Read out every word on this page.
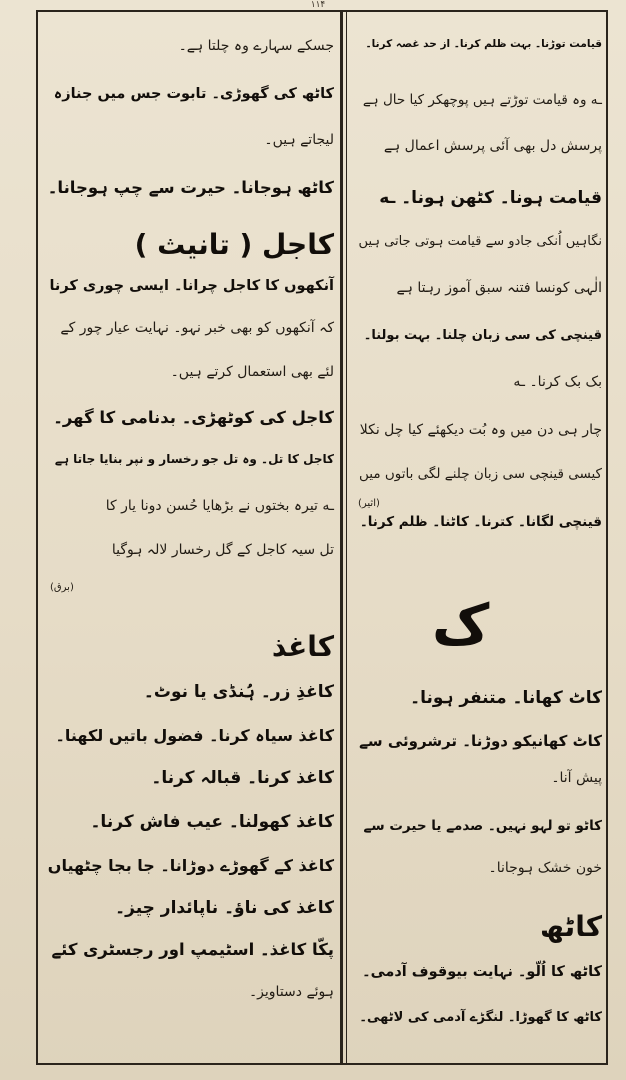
۱۱۴
قیامت توڑنا۔ بہت ظلم کرنا۔ از حد غصہ کرنا۔
ـه وہ قیامت توڑتے ہیں پوچھکر کیا حال ہے
پرسش دل بھی آئی پرسش اعمال ہے
قیامت ہونا۔ کٹھن ہونا۔ ـه
نگاہیں اُنکی جادو سے قیامت ہوتی جاتی ہیں
الٰہی کونسا فتنہ سبق آموز رہتا ہے
قینچی کی سی زبان چلنا۔ بہت بولنا۔
بک بک کرنا۔ ـه
چار ہی دن میں وہ بُت دیکھئے کیا چل نکلا
کیسی قینچی سی زبان چلنے لگی باتوں میں
(اثیر)
قینچی لگانا۔ کترنا۔ کاٹنا۔ ظلم کرنا۔
ک
کاٹ کھانا۔ متنفر ہونا۔
کاٹ کھانیکو دوڑنا۔ ترشروئی سے
پیش آنا۔
کاٹو تو لہو نہیں۔ صدمے یا حیرت سے
خون خشک ہوجانا۔
کاٹھ
کاٹھ کا اُلّو۔ نہایت بیوقوف آدمی۔
کاٹھ کا گھوڑا۔ لنگڑے آدمی کی لاٹھی۔
جسکے سہارے وہ چلتا ہے۔
کاٹھ کی گھوڑی۔ تابوت جس میں جنازہ
لیجاتے ہیں۔
کاٹھ ہوجانا۔ حیرت سے چپ ہوجانا۔
کاجل ( تانیث )
آنکھوں کا کاجل چرانا۔ ایسی چوری کرنا
کہ آنکھوں کو بھی خبر نہو۔ نہایت عیار چور کے
لئے بھی استعمال کرتے ہیں۔
کاجل کی کوٹھڑی۔ بدنامی کا گھر۔
کاجل کا تل۔ وہ تل جو رخسار و نپر بنایا جاتا ہے
ـه تیرہ بختوں نے بڑھایا حُسن دونا یار کا
تل سیہ کاجل کے گل رخسار لالہ ہوگیا
(برق)
کاغذ
کاغذِ زر۔ ہُنڈی یا نوٹ۔
کاغذ سیاہ کرنا۔ فضول باتیں لکھنا۔
کاغذ کرنا۔ قبالہ کرنا۔
کاغذ کھولنا۔ عیب فاش کرنا۔
کاغذ کے گھوڑے دوڑانا۔ جا بجا چٹھیاں
کاغذ کی ناؤ۔ ناپائدار چیز۔
پکّا کاغذ۔ اسٹیمپ اور رجسٹری کئے
ہوئے دستاویز۔
